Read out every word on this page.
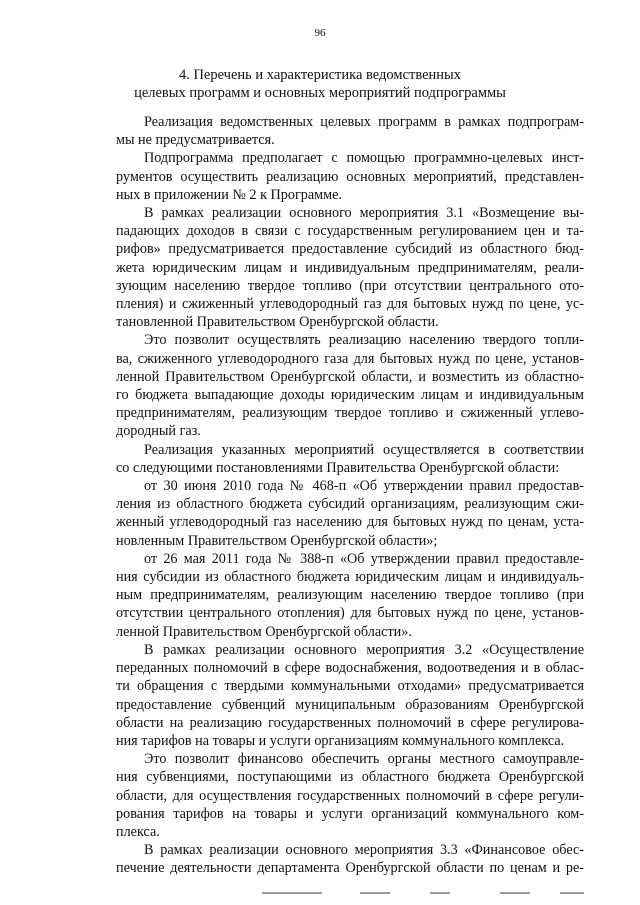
96
4. Перечень и характеристика ведомственных
целевых программ и основных мероприятий подпрограммы
Реализация ведомственных целевых программ в рамках подпрограм-
мы не предусматривается.
Подпрограмма предполагает с помощью программно-целевых инст-
рументов осуществить реализацию основных мероприятий, представлен-
ных в приложении № 2 к Программе.
В рамках реализации основного мероприятия 3.1 «Возмещение вы-
падающих доходов в связи с государственным регулированием цен и та-
рифов» предусматривается предоставление субсидий из областного бюд-
жета юридическим лицам и индивидуальным предпринимателям, реали-
зующим населению твердое топливо (при отсутствии центрального ото-
пления) и сжиженный углеводородный газ для бытовых нужд по цене, ус-
тановленной Правительством Оренбургской области.
Это позволит осуществлять реализацию населению твердого топли-
ва, сжиженного углеводородного газа для бытовых нужд по цене, установ-
ленной Правительством Оренбургской области, и возместить из областно-
го бюджета выпадающие доходы юридическим лицам и индивидуальным
предпринимателям, реализующим твердое топливо и сжиженный углево-
дородный газ.
Реализация указанных мероприятий осуществляется в соответствии
со следующими постановлениями Правительства Оренбургской области:
от 30 июня 2010 года № 468-п «Об утверждении правил предостав-
ления из областного бюджета субсидий организациям, реализующим сжи-
женный углеводородный газ населению для бытовых нужд по ценам, уста-
новленным Правительством Оренбургской области»;
от 26 мая 2011 года № 388-п «Об утверждении правил предоставле-
ния субсидии из областного бюджета юридическим лицам и индивидуаль-
ным предпринимателям, реализующим населению твердое топливо (при
отсутствии центрального отопления) для бытовых нужд по цене, установ-
ленной Правительством Оренбургской области».
В рамках реализации основного мероприятия 3.2 «Осуществление
переданных полномочий в сфере водоснабжения, водоотведения и в облас-
ти обращения с твердыми коммунальными отходами» предусматривается
предоставление субвенций муниципальным образованиям Оренбургской
области на реализацию государственных полномочий в сфере регулирова-
ния тарифов на товары и услуги организациям коммунального комплекса.
Это позволит финансово обеспечить органы местного самоуправле-
ния субвенциями, поступающими из областного бюджета Оренбургской
области, для осуществления государственных полномочий в сфере регули-
рования тарифов на товары и услуги организаций коммунального ком-
плекса.
В рамках реализации основного мероприятия 3.3 «Финансовое обес-
печение деятельности департамента Оренбургской области по ценам и ре-
